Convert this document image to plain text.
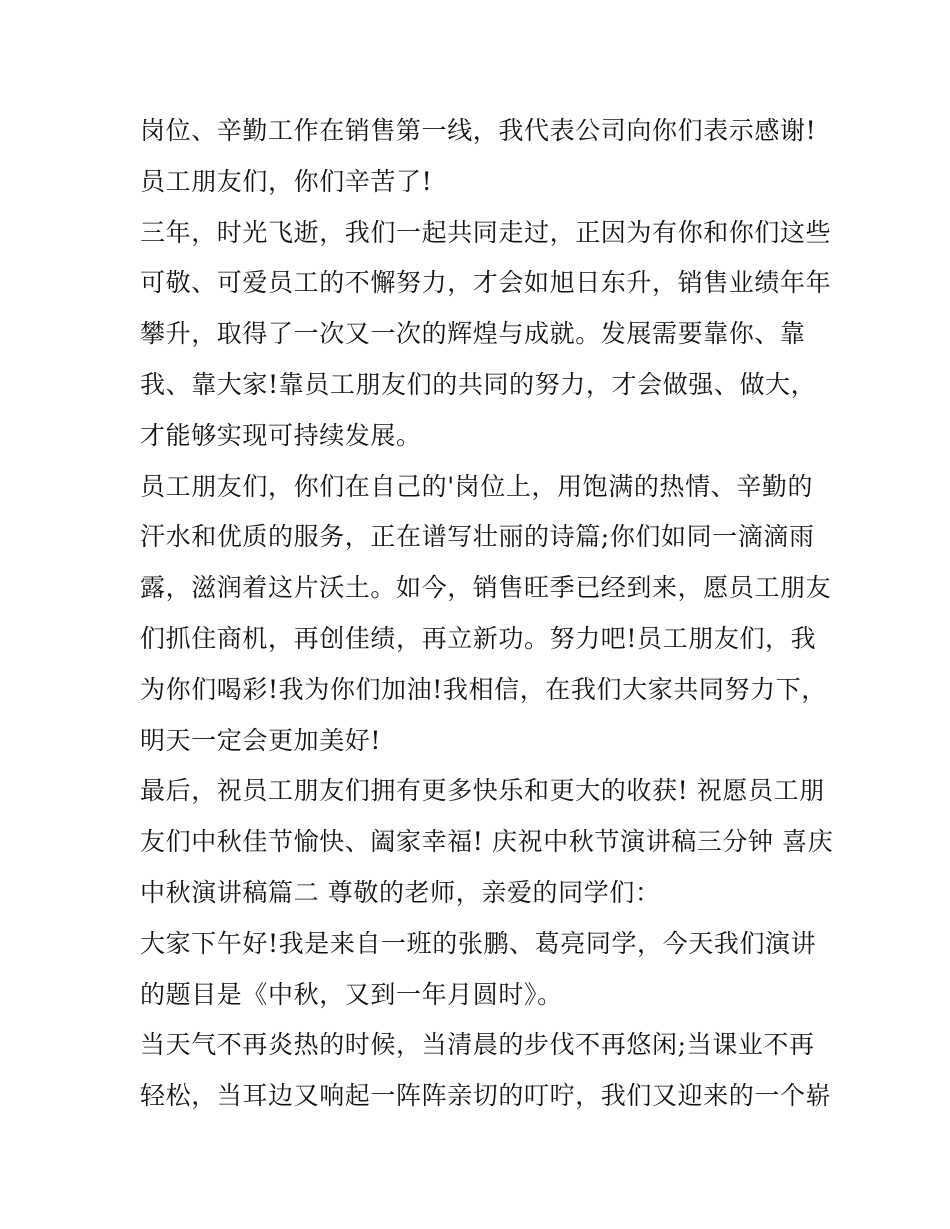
岗位、辛勤工作在销售第一线，我代表公司向你们表示感谢!
员工朋友们，你们辛苦了!
三年，时光飞逝，我们一起共同走过，正因为有你和你们这些
可敬、可爱员工的不懈努力，才会如旭日东升，销售业绩年年
攀升，取得了一次又一次的辉煌与成就。发展需要靠你、靠
我、靠大家!靠员工朋友们的共同的努力，才会做强、做大，
才能够实现可持续发展。
员工朋友们，你们在自己的'岗位上，用饱满的热情、辛勤的
汗水和优质的服务，正在谱写壮丽的诗篇;你们如同一滴滴雨
露，滋润着这片沃土。如今，销售旺季已经到来，愿员工朋友
们抓住商机，再创佳绩，再立新功。努力吧!员工朋友们，我
为你们喝彩!我为你们加油!我相信，在我们大家共同努力下，
明天一定会更加美好!
最后，祝员工朋友们拥有更多快乐和更大的收获! 祝愿员工朋
友们中秋佳节愉快、阖家幸福! 庆祝中秋节演讲稿三分钟 喜庆
中秋演讲稿篇二 尊敬的老师，亲爱的同学们：
大家下午好!我是来自一班的张鹏、葛亮同学，今天我们演讲
的题目是《中秋，又到一年月圆时》。
当天气不再炎热的时候，当清晨的步伐不再悠闲;当课业不再
轻松，当耳边又响起一阵阵亲切的叮咛，我们又迎来的一个崭
